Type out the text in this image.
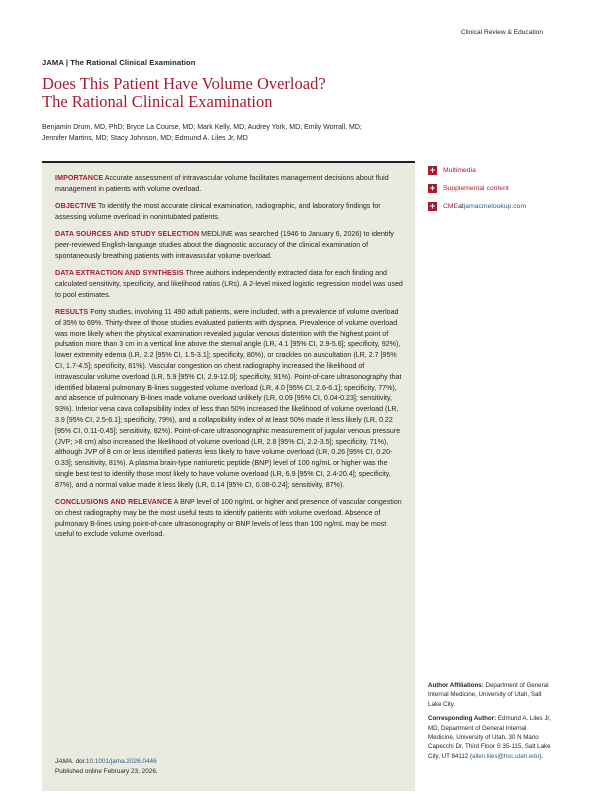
Clinical Review & Education
JAMA | The Rational Clinical Examination
Does This Patient Have Volume Overload?
The Rational Clinical Examination
Benjamin Drum, MD, PhD; Bryce La Course, MD; Mark Kelly, MD; Audrey York, MD; Emily Worrall, MD;
Jennifer Martins, MD; Stacy Johnson, MD; Edmund A. Liles Jr, MD

IMPORTANCE Accurate assessment of intravascular volume facilitates management decisions about fluid management in patients with volume overload.

OBJECTIVE To identify the most accurate clinical examination, radiographic, and laboratory findings for assessing volume overload in nonintubated patients.

DATA SOURCES AND STUDY SELECTION MEDLINE was searched (1946 to January 6, 2026) to identify peer-reviewed English-language studies about the diagnostic accuracy of the clinical examination of spontaneously breathing patients with intravascular volume overload.

DATA EXTRACTION AND SYNTHESIS Three authors independently extracted data for each finding and calculated sensitivity, specificity, and likelihood ratios (LRs). A 2-level mixed logistic regression model was used to pool estimates.

RESULTS Forty studies, involving 11 490 adult patients, were included, with a prevalence of volume overload of 35% to 69%. Thirty-three of those studies evaluated patients with dyspnea. Prevalence of volume overload was more likely when the physical examination revealed jugular venous distention with the highest point of pulsation more than 3 cm in a vertical line above the sternal angle (LR, 4.1 [95% CI, 2.9-5.6]; specificity, 92%), lower extremity edema (LR, 2.2 [95% CI, 1.5-3.1]; specificity, 80%), or crackles on auscultation (LR, 2.7 [95% CI, 1.7-4.5]; specificity, 81%). Vascular congestion on chest radiography increased the likelihood of intravascular volume overload (LR, 5.9 [95% CI, 2.9-12.0]; specificity, 91%). Point-of-care ultrasonography that identified bilateral pulmonary B-lines suggested volume overload (LR, 4.0 [95% CI, 2.6-6.1]; specificity, 77%), and absence of pulmonary B-lines made volume overload unlikely (LR, 0.09 [95% CI, 0.04-0.23]; sensitivity, 93%). Inferior vena cava collapsibility index of less than 50% increased the likelihood of volume overload (LR, 3.9 [95% CI, 2.5-6.1]; specificity, 79%), and a collapsibility index of at least 50% made it less likely (LR, 0.22 [95% CI, 0.11-0.45]; sensitivity, 82%). Point-of-care ultrasonographic measurement of jugular venous pressure (JVP; >8 cm) also increased the likelihood of volume overload (LR, 2.8 [95% CI, 2.2-3.5]; specificity, 71%), although JVP of 8 cm or less identified patients less likely to have volume overload (LR, 0.26 [95% CI, 0.20-0.33]; sensitivity, 81%). A plasma brain-type natriuretic peptide (BNP) level of 100 ng/mL or higher was the single best test to identify those most likely to have volume overload (LR, 6.9 [95% CI, 2.4-20.4]; specificity, 87%), and a normal value made it less likely (LR, 0.14 [95% CI, 0.08-0.24]; sensitivity, 87%).

CONCLUSIONS AND RELEVANCE A BNP level of 100 ng/mL or higher and presence of vascular congestion on chest radiography may be the most useful tests to identify patients with volume overload. Absence of pulmonary B-lines using point-of-care ultrasonography or BNP levels of less than 100 ng/mL may be most useful to exclude volume overload.

JAMA. doi:10.1001/jama.2026.0446
Published online February 23, 2026.
+ Multimedia
+ Supplemental content
+ CME at jamacmelookup.com
Author Affiliations: Department of General Internal Medicine, University of Utah, Salt Lake City.
Corresponding Author: Edmund A. Liles Jr, MD, Department of General Internal Medicine, University of Utah, 30 N Mario Capecchi Dr, Third Floor S 35-115, Salt Lake City, UT 84112 (allen.liles@hsc.utah.edu).
